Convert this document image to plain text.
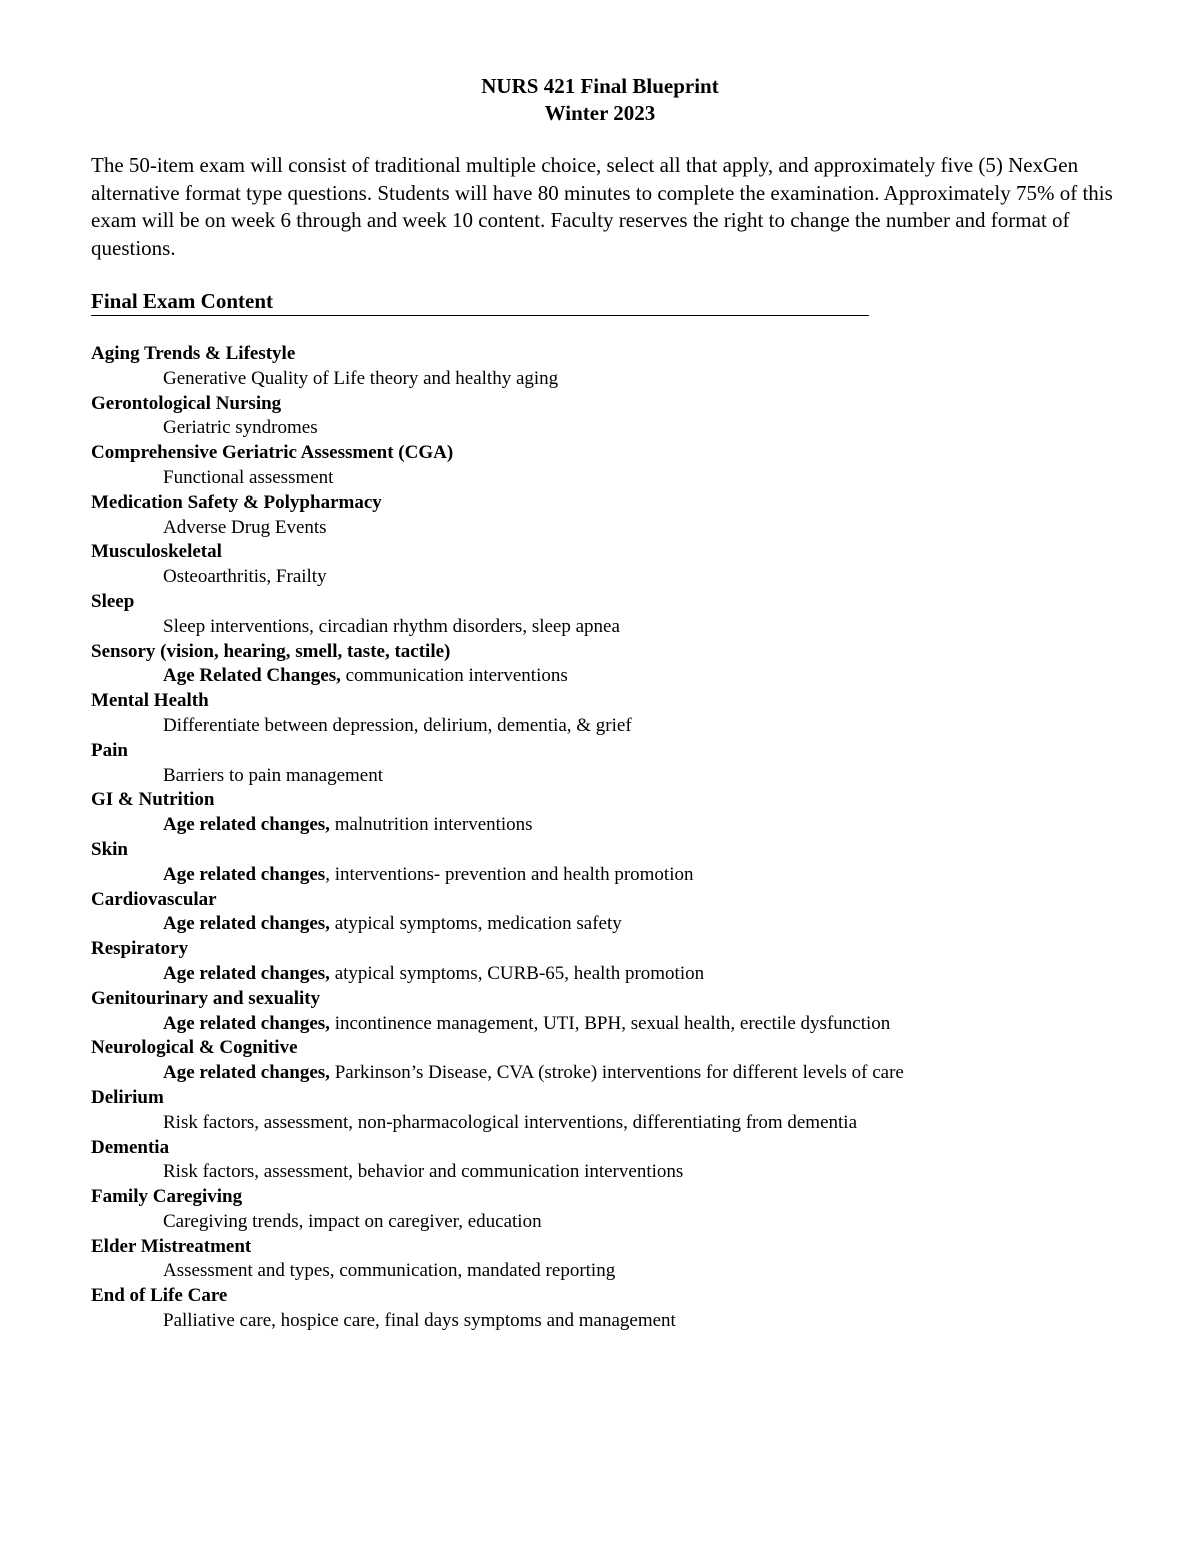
NURS 421 Final Blueprint
Winter 2023
The 50-item exam will consist of traditional multiple choice, select all that apply, and approximately five (5) NexGen alternative format type questions. Students will have 80 minutes to complete the examination. Approximately 75% of this exam will be on week 6 through and week 10 content. Faculty reserves the right to change the number and format of questions.
Final Exam Content
Aging Trends & Lifestyle
Generative Quality of Life theory and healthy aging
Gerontological Nursing
Geriatric syndromes
Comprehensive Geriatric Assessment (CGA)
Functional assessment
Medication Safety & Polypharmacy
Adverse Drug Events
Musculoskeletal
Osteoarthritis, Frailty
Sleep
Sleep interventions, circadian rhythm disorders, sleep apnea
Sensory (vision, hearing, smell, taste, tactile)
Age Related Changes, communication interventions
Mental Health
Differentiate between depression, delirium, dementia, & grief
Pain
Barriers to pain management
GI & Nutrition
Age related changes, malnutrition interventions
Skin
Age related changes, interventions- prevention and health promotion
Cardiovascular
Age related changes, atypical symptoms, medication safety
Respiratory
Age related changes, atypical symptoms, CURB-65, health promotion
Genitourinary and sexuality
Age related changes, incontinence management, UTI, BPH, sexual health, erectile dysfunction
Neurological & Cognitive
Age related changes, Parkinson’s Disease, CVA (stroke) interventions for different levels of care
Delirium
Risk factors, assessment, non-pharmacological interventions, differentiating from dementia
Dementia
Risk factors, assessment, behavior and communication interventions
Family Caregiving
Caregiving trends, impact on caregiver, education
Elder Mistreatment
Assessment and types, communication, mandated reporting
End of Life Care
Palliative care, hospice care, final days symptoms and management
